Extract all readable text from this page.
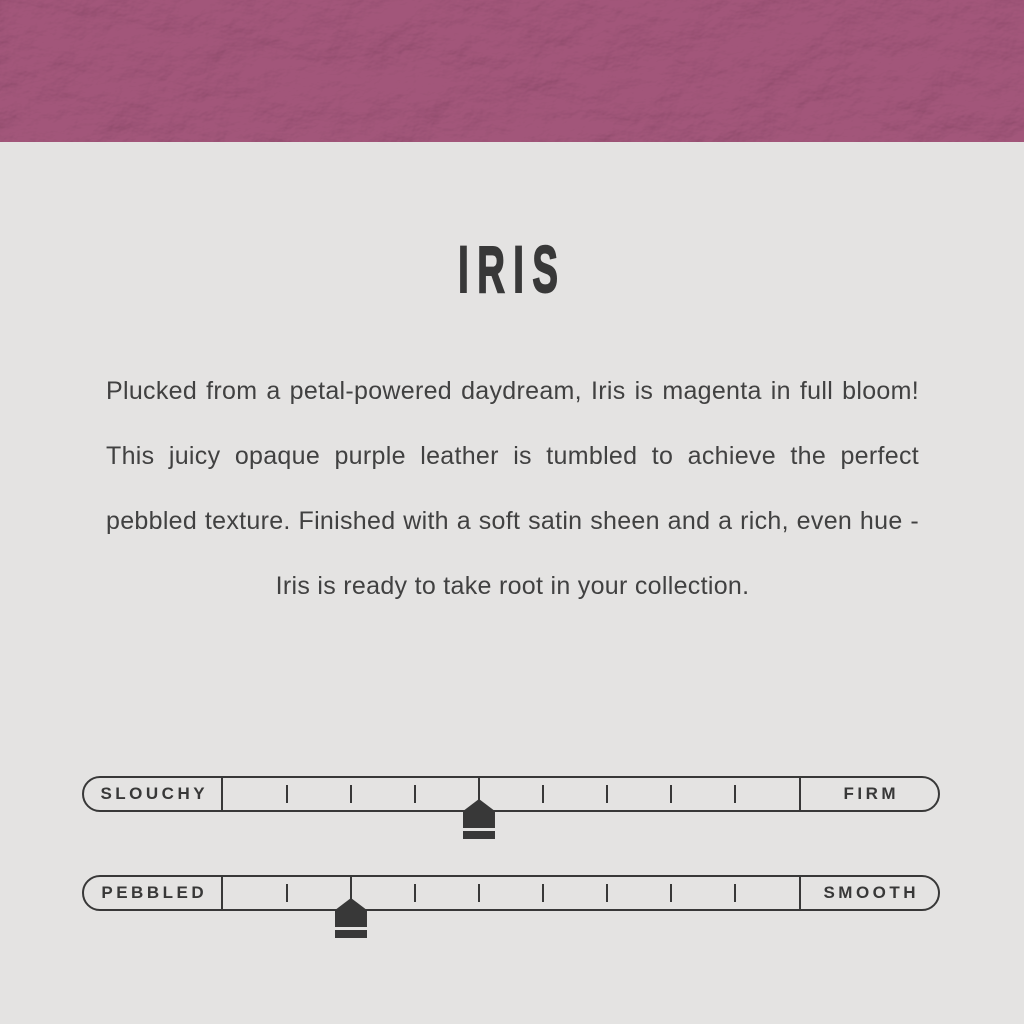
IRIS

Plucked from a petal-powered daydream, Iris is magenta in full bloom! This juicy opaque purple leather is tumbled to achieve the perfect pebbled texture. Finished with a soft satin sheen and a rich, even hue - Iris is ready to take root in your collection.

SLOUCHY	FIRM
PEBBLED	SMOOTH
